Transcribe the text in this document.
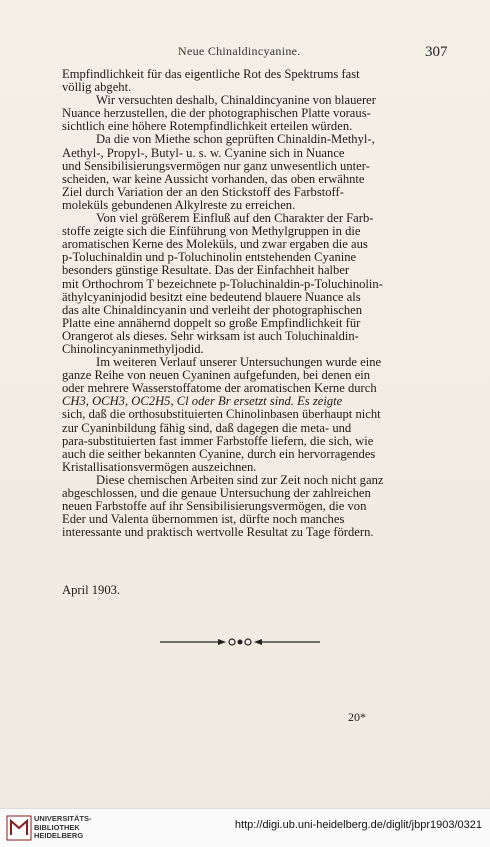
Neue Chinaldincyanine.	307
Empfindlichkeit für das eigentliche Rot des Spektrums fast
völlig abgeht.
Wir versuchten deshalb, Chinaldincyanine von blauerer
Nuance herzustellen, die der photographischen Platte voraus-
sichtlich eine höhere Rotempfindlichkeit erteilen würden.
Da die von Miethe schon geprüften Chinaldin-Methyl-,
Aethyl-, Propyl-, Butyl- u. s. w. Cyanine sich in Nuance
und Sensibilisierungsvermögen nur ganz unwesentlich unter-
scheiden, war keine Aussicht vorhanden, das oben erwähnte
Ziel durch Variation der an den Stickstoff des Farbstoff-
moleküls gebundenen Alkylreste zu erreichen.
Von viel größerem Einfluß auf den Charakter der Farb-
stoffe zeigte sich die Einführung von Methylgruppen in die
aromatischen Kerne des Moleküls, und zwar ergaben die aus
p-Toluchinaldin und p-Toluchinolin entstehenden Cyanine
besonders günstige Resultate. Das der Einfachheit halber
mit Orthochrom T bezeichnete p-Toluchinaldin-p-Toluchinolin-
äthylcyaninjodid besitzt eine bedeutend blauere Nuance als
das alte Chinaldincyanin und verleiht der photographischen
Platte eine annähernd doppelt so große Empfindlichkeit für
Orangerot als dieses. Sehr wirksam ist auch Toluchinaldin-
Chinolincyaninmethyljodid.
Im weiteren Verlauf unserer Untersuchungen wurde eine
ganze Reihe von neuen Cyaninen aufgefunden, bei denen ein
oder mehrere Wasserstoffatome der aromatischen Kerne durch
CH3, OCH3, OC2H5, Cl oder Br ersetzt sind. Es zeigte
sich, daß die orthosubstituierten Chinolinbasen überhaupt nicht
zur Cyaninbildung fähig sind, daß dagegen die meta- und
para-substituierten fast immer Farbstoffe liefern, die sich, wie
auch die seither bekannten Cyanine, durch ein hervorragendes
Kristallisationsvermögen auszeichnen.
Diese chemischen Arbeiten sind zur Zeit noch nicht ganz
abgeschlossen, und die genaue Untersuchung der zahlreichen
neuen Farbstoffe auf ihr Sensibilisierungsvermögen, die von
Eder und Valenta übernommen ist, dürfte noch manches
interessante und praktisch wertvolle Resultat zu Tage fördern.
April 1903.
20*
UNIVERSITÄTS-
BIBLIOTHEK
HEIDELBERG
http://digi.ub.uni-heidelberg.de/diglit/jbpr1903/0321
